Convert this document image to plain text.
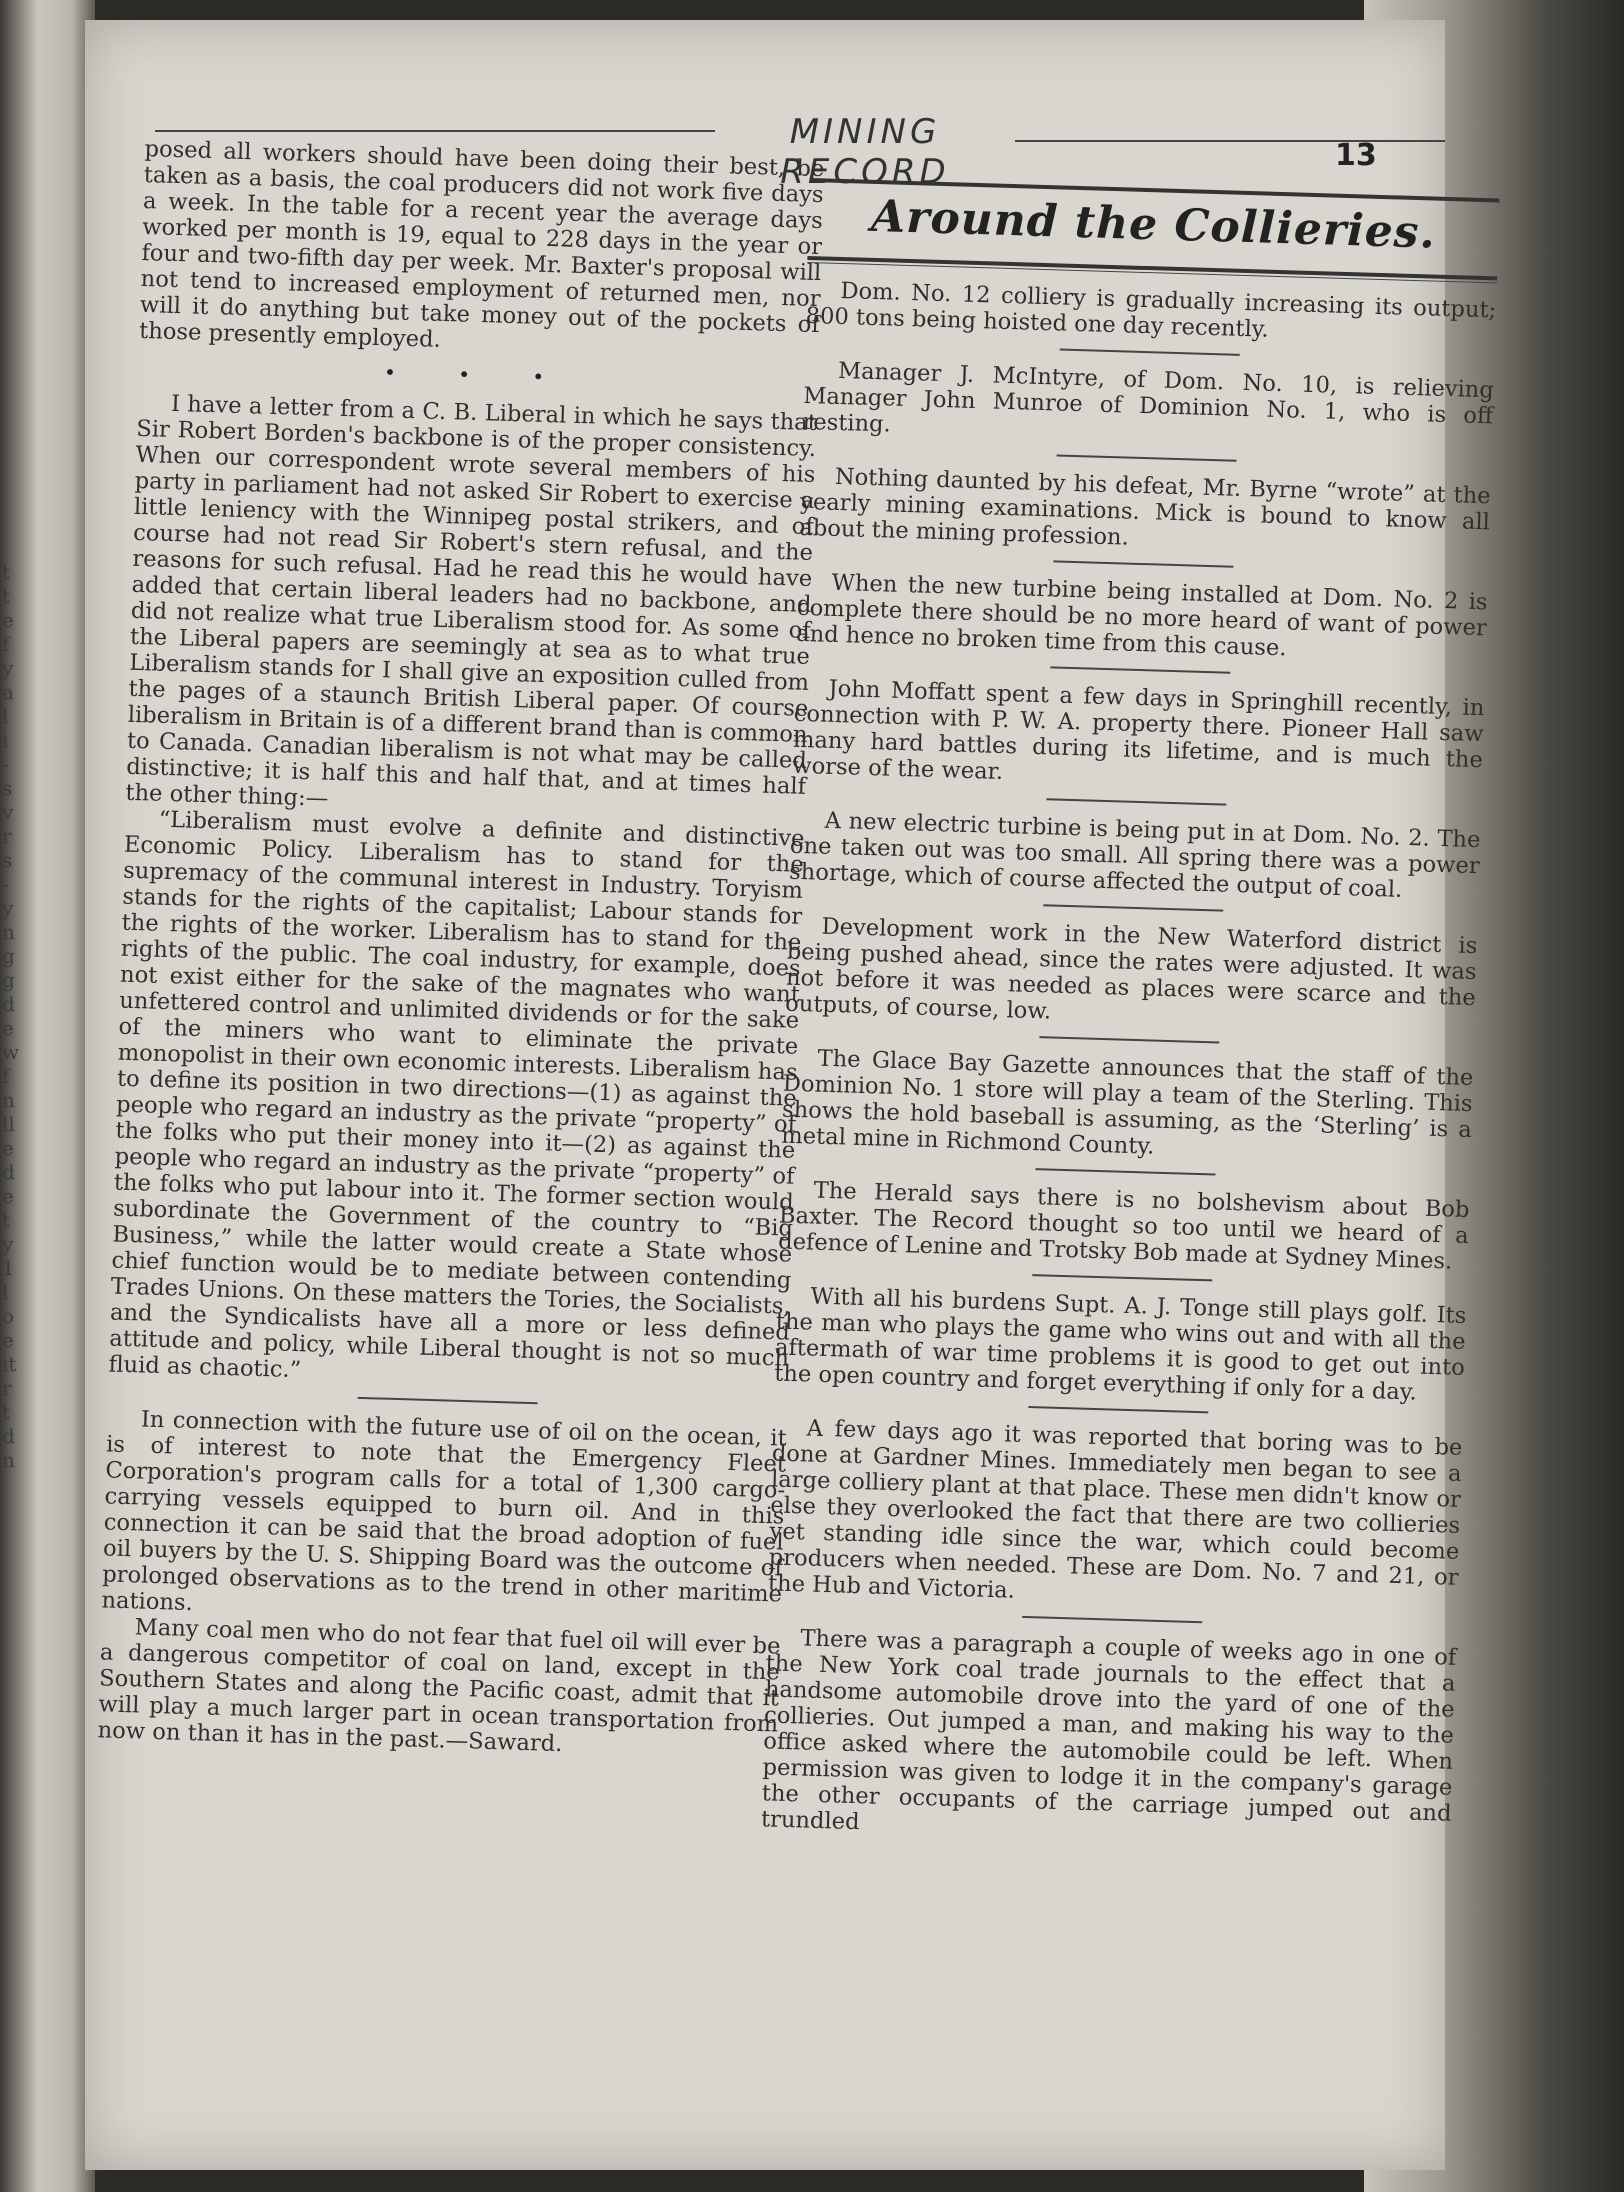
t
t
e
f
y
a
l
i
-
s
v
r
s
-
y
n
g
g
d
e
w
f
n
ll
e
d
e
t
y
1
l
o
e
it
r
t
d
n
MINING RECORD	13

posed all workers should have been doing their best, be taken as a basis, the coal producers did not work five days a week. In the table for a recent year the average days worked per month is 19, equal to 228 days in the year or four and two-fifth day per week. Mr. Baxter's proposal will not tend to increased employment of returned men, nor will it do anything but take money out of the pockets of those presently employed.

• • •

I have a letter from a C. B. Liberal in which he says that Sir Robert Borden's backbone is of the proper consistency. When our correspondent wrote several members of his party in parliament had not asked Sir Robert to exercise a little leniency with the Winnipeg postal strikers, and of course had not read Sir Robert's stern refusal, and the reasons for such refusal. Had he read this he would have added that certain liberal leaders had no backbone, and did not realize what true Liberalism stood for. As some of the Liberal papers are seemingly at sea as to what true Liberalism stands for I shall give an exposition culled from the pages of a staunch British Liberal paper. Of course liberalism in Britain is of a different brand than is common to Canada. Canadian liberalism is not what may be called distinctive; it is half this and half that, and at times half the other thing:—

“Liberalism must evolve a definite and distinctive Economic Policy. Liberalism has to stand for the supremacy of the communal interest in Industry. Toryism stands for the rights of the capitalist; Labour stands for the rights of the worker. Liberalism has to stand for the rights of the public. The coal industry, for example, does not exist either for the sake of the magnates who want unfettered control and unlimited dividends or for the sake of the miners who want to eliminate the private monopolist in their own economic interests. Liberalism has to define its position in two directions—(1) as against the people who regard an industry as the private “property” of the folks who put their money into it—(2) as against the people who regard an industry as the private “property” of the folks who put labour into it. The former section would subordinate the Government of the country to “Big Business,” while the latter would create a State whose chief function would be to mediate between contending Trades Unions. On these matters the Tories, the Socialists, and the Syndicalists have all a more or less defined attitude and policy, while Liberal thought is not so much fluid as chaotic.”

In connection with the future use of oil on the ocean, it is of interest to note that the Emergency Fleet Corporation's program calls for a total of 1,300 cargo-carrying vessels equipped to burn oil. And in this connection it can be said that the broad adoption of fuel oil buyers by the U. S. Shipping Board was the outcome of prolonged observations as to the trend in other maritime nations.

Many coal men who do not fear that fuel oil will ever be a dangerous competitor of coal on land, except in the Southern States and along the Pacific coast, admit that it will play a much larger part in ocean transportation from now on than it has in the past.—Saward.

Around the Collieries.

Dom. No. 12 colliery is gradually increasing its output; 800 tons being hoisted one day recently.

Manager J. McIntyre, of Dom. No. 10, is relieving Manager John Munroe of Dominion No. 1, who is off resting.

Nothing daunted by his defeat, Mr. Byrne “wrote” at the yearly mining examinations. Mick is bound to know all about the mining profession.

When the new turbine being installed at Dom. No. 2 is complete there should be no more heard of want of power and hence no broken time from this cause.

John Moffatt spent a few days in Springhill recently, in connection with P. W. A. property there. Pioneer Hall saw many hard battles during its lifetime, and is much the worse of the wear.

A new electric turbine is being put in at Dom. No. 2. The one taken out was too small. All spring there was a power shortage, which of course affected the output of coal.

Development work in the New Waterford district is being pushed ahead, since the rates were adjusted. It was not before it was needed as places were scarce and the outputs, of course, low.

The Glace Bay Gazette announces that the staff of the Dominion No. 1 store will play a team of the Sterling. This shows the hold baseball is assuming, as the ‘Sterling’ is a metal mine in Richmond County.

The Herald says there is no bolshevism about Bob Baxter. The Record thought so too until we heard of a defence of Lenine and Trotsky Bob made at Sydney Mines.

With all his burdens Supt. A. J. Tonge still plays golf. Its the man who plays the game who wins out and with all the aftermath of war time problems it is good to get out into the open country and forget everything if only for a day.

A few days ago it was reported that boring was to be done at Gardner Mines. Immediately men began to see a large colliery plant at that place. These men didn't know or else they overlooked the fact that there are two collieries yet standing idle since the war, which could become producers when needed. These are Dom. No. 7 and 21, or the Hub and Victoria.

There was a paragraph a couple of weeks ago in one of the New York coal trade journals to the effect that a handsome automobile drove into the yard of one of the collieries. Out jumped a man, and making his way to the office asked where the automobile could be left. When permission was given to lodge it in the company's garage the other occupants of the carriage jumped out and trundled
